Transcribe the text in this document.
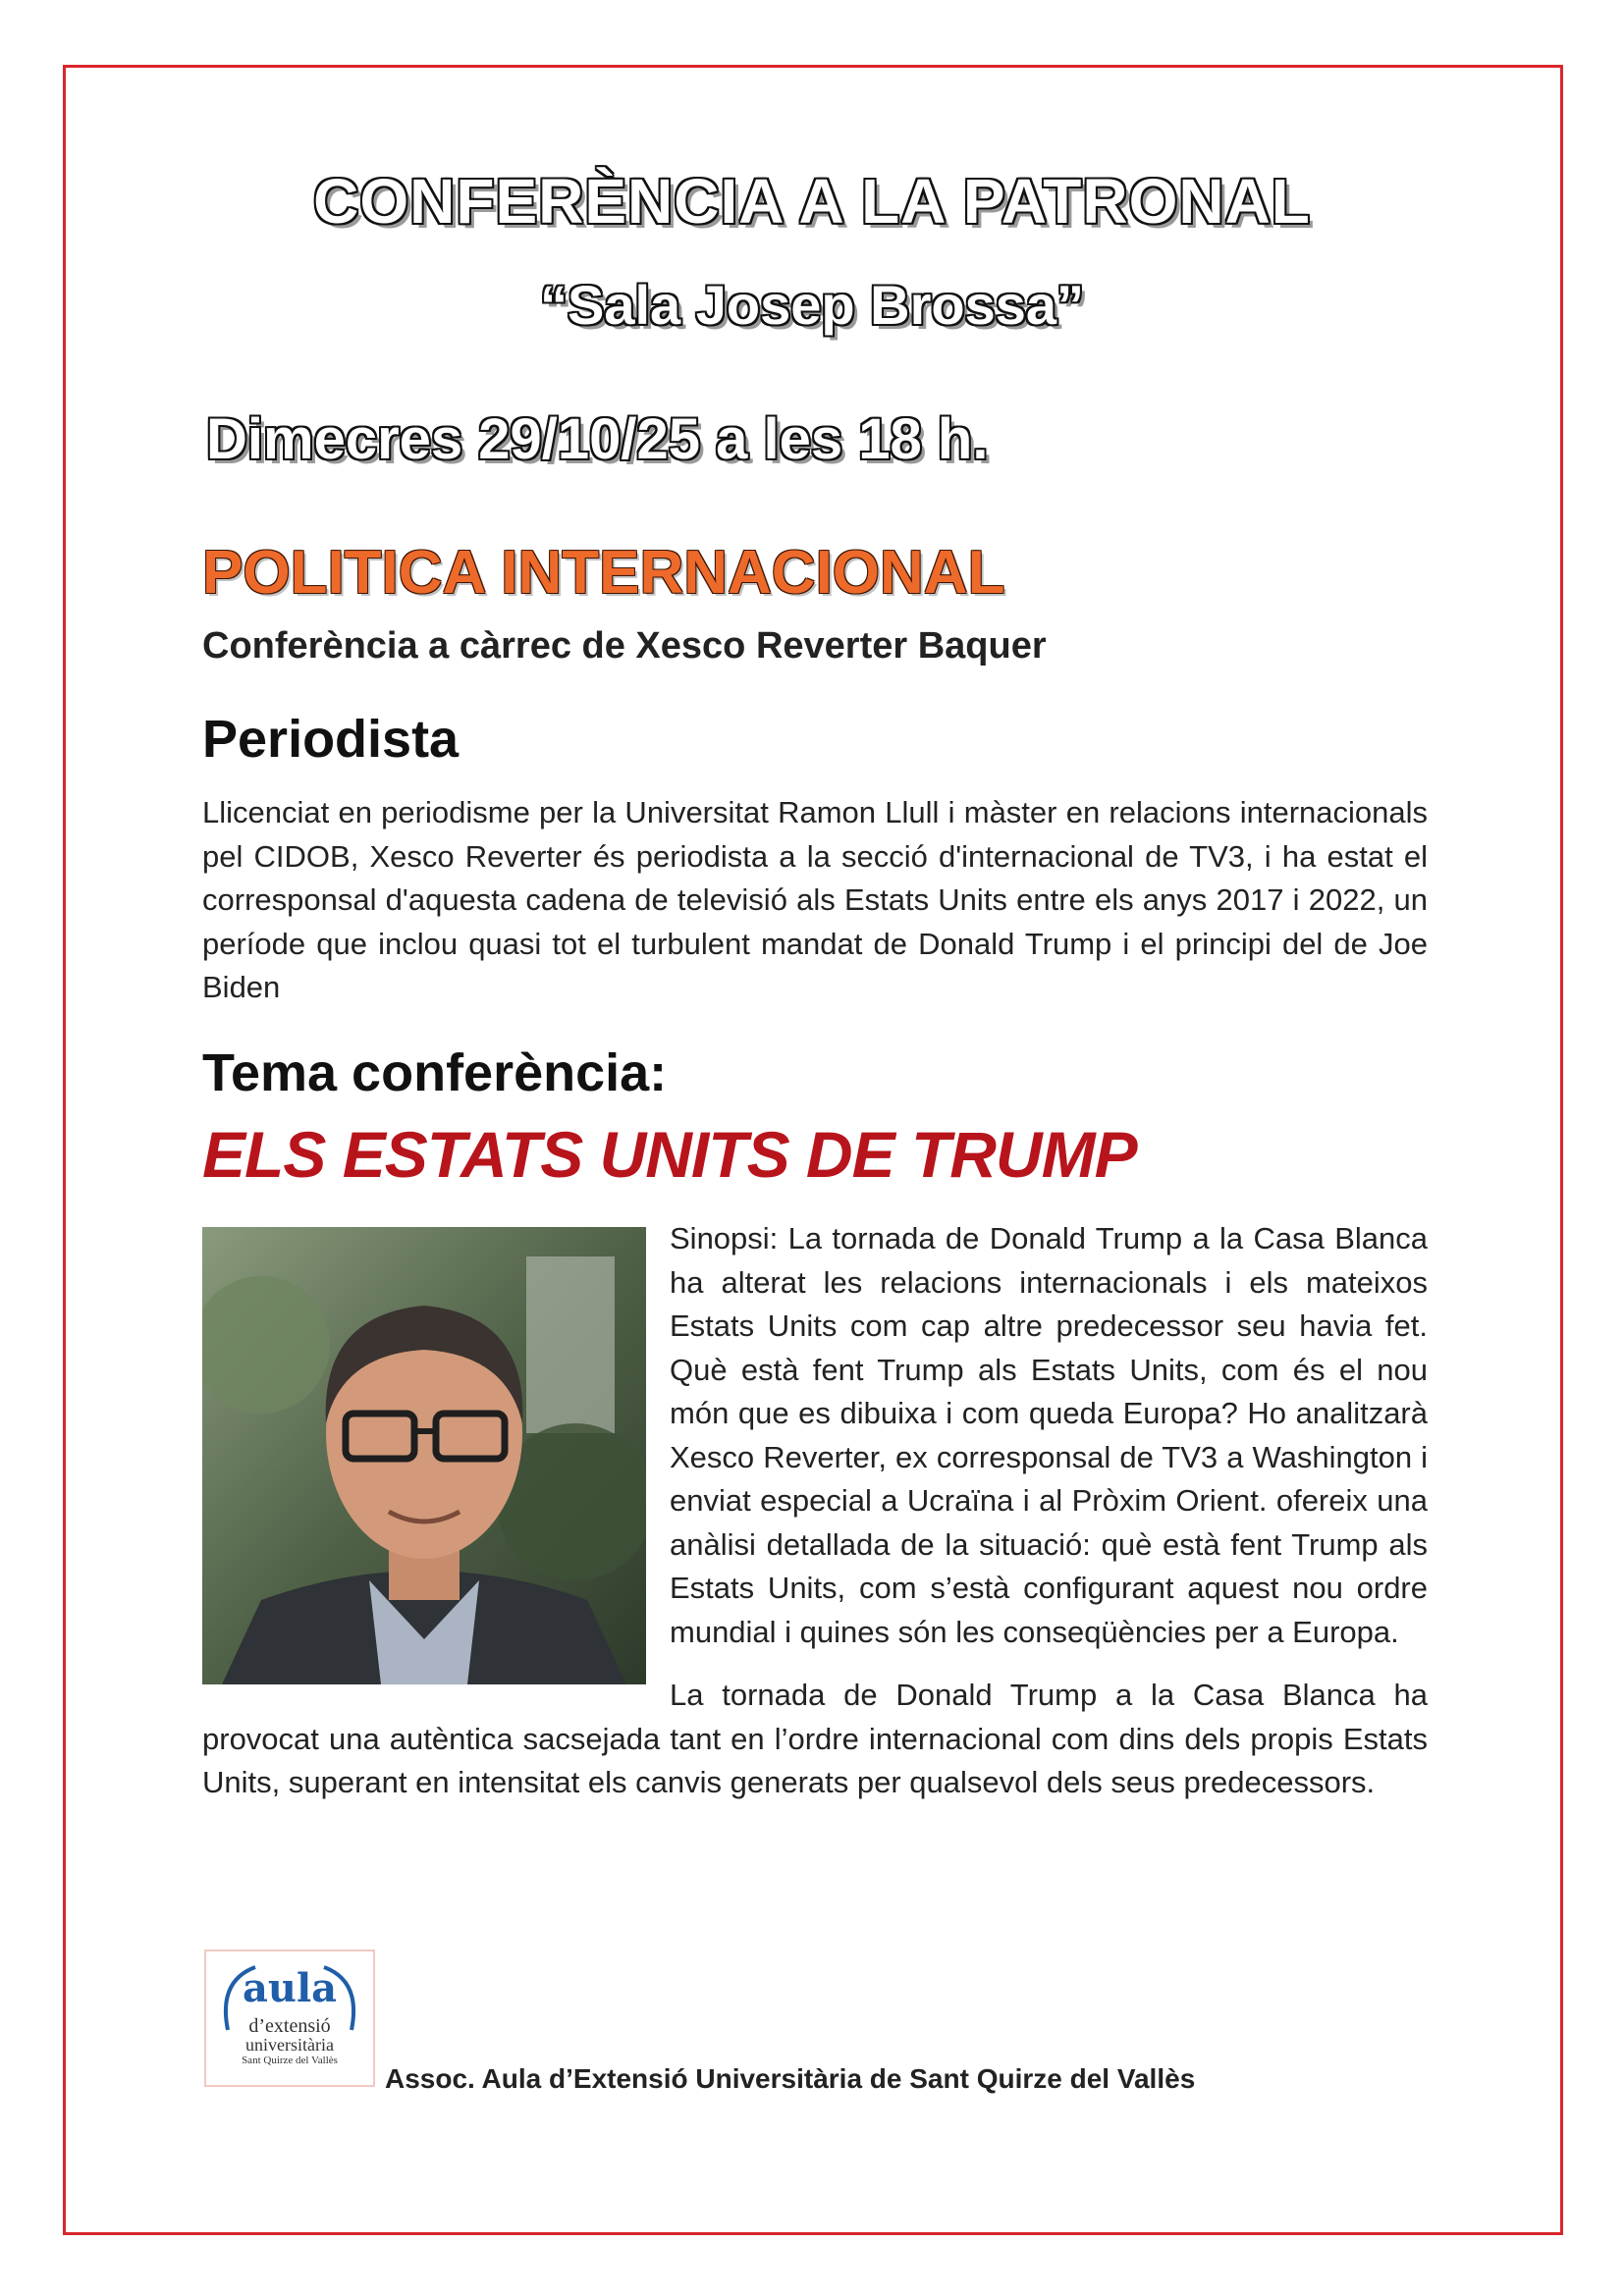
CONFERÈNCIA A LA PATRONAL
“Sala Josep Brossa”
Dimecres 29/10/25 a les 18 h.
POLITICA INTERNACIONAL
Conferència a càrrec de Xesco Reverter Baquer
Periodista
Llicenciat en periodisme per la Universitat Ramon Llull i màster en relacions internacionals pel CIDOB, Xesco Reverter és periodista a la secció d'internacional de TV3, i ha estat el corresponsal d'aquesta cadena de televisió als Estats Units entre els anys 2017 i 2022, un període que inclou quasi tot el turbulent mandat de Donald Trump i el principi del de Joe Biden
Tema conferència:
ELS ESTATS UNITS DE TRUMP

Sinopsi: La tornada de Donald Trump a la Casa Blanca ha alterat les relacions internacionals i els mateixos Estats Units com cap altre predecessor seu havia fet. Què està fent Trump als Estats Units, com és el nou món que es dibuixa i com queda Europa? Ho analitzarà Xesco Reverter, ex corresponsal de TV3 a Washington i enviat especial a Ucraïna i al Pròxim Orient. ofereix una anàlisi detallada de la situació: què està fent Trump als Estats Units, com s’està configurant aquest nou ordre mundial i quines són les conseqüències per a Europa.

La tornada de Donald Trump a la Casa Blanca ha provocat una autèntica sacsejada tant en l’ordre internacional com dins dels propis Estats Units, superant en intensitat els canvis generats per qualsevol dels seus predecessors.

aula
d’extensió
universitària
Sant Quirze del Vallès
Assoc. Aula d’Extensió Universitària de Sant Quirze del Vallès
